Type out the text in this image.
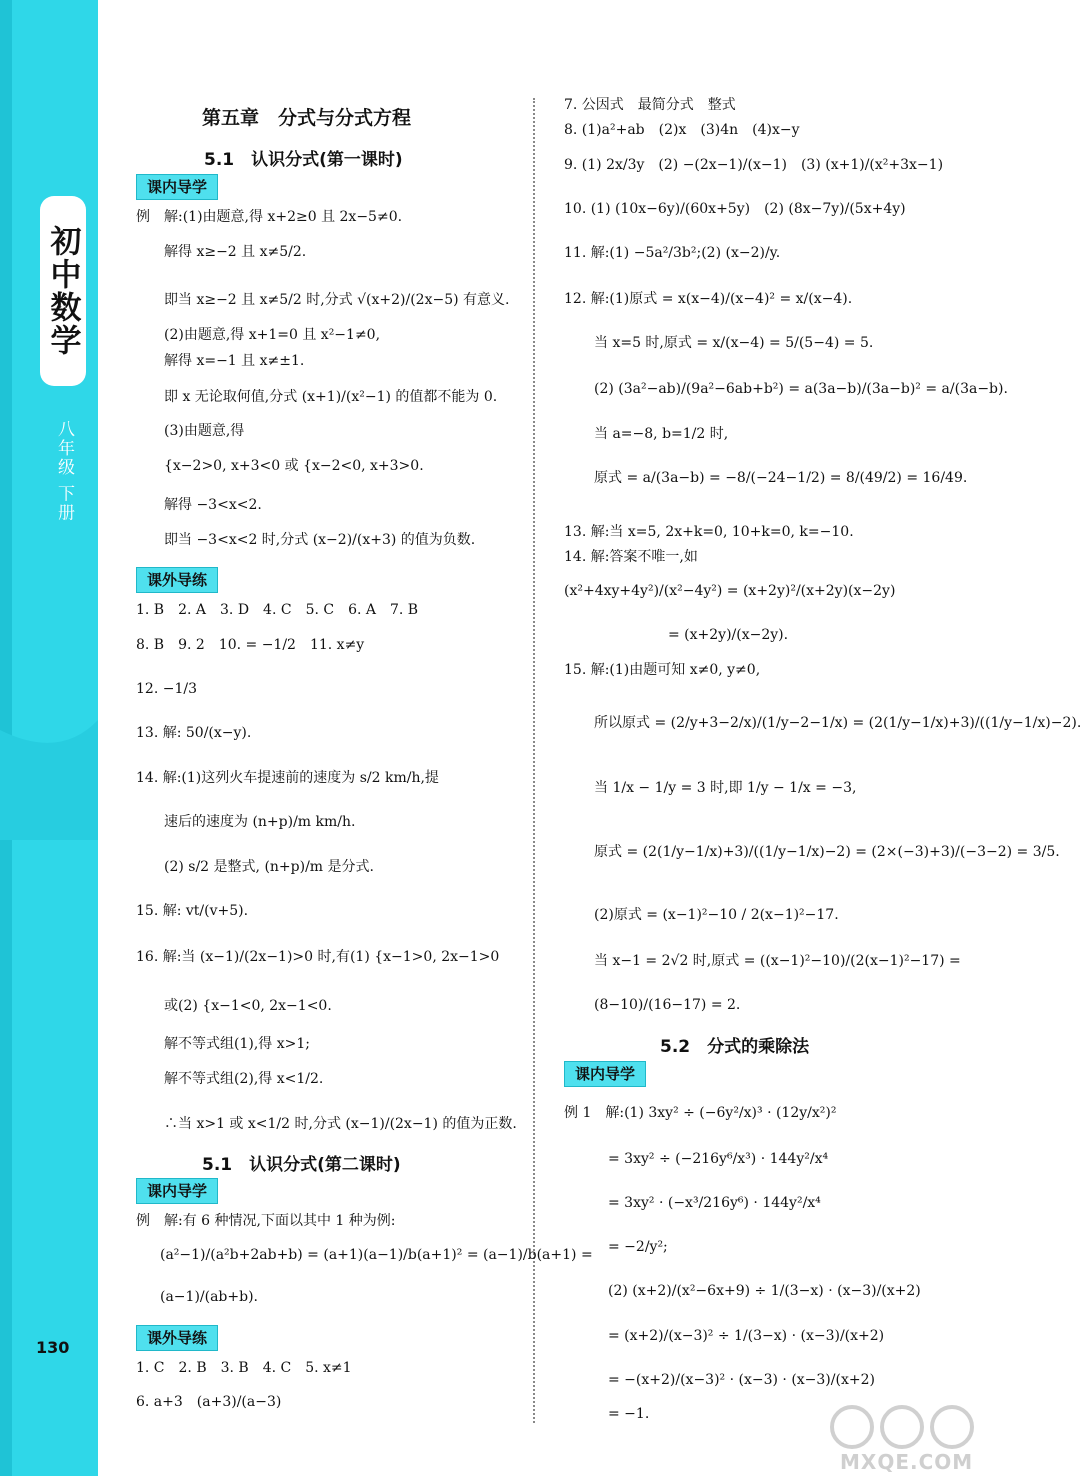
初中数学
八年级 下册
130
第五章　分式与分式方程
5.1　认识分式(第一课时)
课内导学
例　解:(1)由题意,得 x+2≥0 且 2x−5≠0.
解得 x≥−2 且 x≠5/2.
即当 x≥−2 且 x≠5/2 时,分式 √(x+2)/(2x−5) 有意义.
(2)由题意,得 x+1=0 且 x²−1≠0,
解得 x=−1 且 x≠±1.
即 x 无论取何值,分式 (x+1)/(x²−1) 的值都不能为 0.
(3)由题意,得
{x−2>0, x+3<0 或 {x−2<0, x+3>0.
解得 −3<x<2.
即当 −3<x<2 时,分式 (x−2)/(x+3) 的值为负数.
课外导练
1. B　2. A　3. D　4. C　5. C　6. A　7. B
8. B　9. 2　10. = −1/2　11. x≠y
12. −1/3
13. 解: 50/(x−y).
14. 解:(1)这列火车提速前的速度为 s/2 km/h,提
速后的速度为 (n+p)/m km/h.
(2) s/2 是整式, (n+p)/m 是分式.
15. 解: vt/(v+5).
16. 解:当 (x−1)/(2x−1)>0 时,有(1) {x−1>0, 2x−1>0
或(2) {x−1<0, 2x−1<0.
解不等式组(1),得 x>1;
解不等式组(2),得 x<1/2.
∴当 x>1 或 x<1/2 时,分式 (x−1)/(2x−1) 的值为正数.
5.1　认识分式(第二课时)
课内导学
例　解:有 6 种情况,下面以其中 1 种为例:
(a²−1)/(a²b+2ab+b) = (a+1)(a−1)/b(a+1)² = (a−1)/b(a+1) =
(a−1)/(ab+b).
课外导练
1. C　2. B　3. B　4. C　5. x≠1
6. a+3　(a+3)/(a−3)
7. 公因式　最简分式　整式
8. (1)a²+ab　(2)x　(3)4n　(4)x−y
9. (1) 2x/3y　(2) −(2x−1)/(x−1)　(3) (x+1)/(x²+3x−1)
10. (1) (10x−6y)/(60x+5y)　(2) (8x−7y)/(5x+4y)
11. 解:(1) −5a²/3b²;(2) (x−2)/y.
12. 解:(1)原式 = x(x−4)/(x−4)² = x/(x−4).
当 x=5 时,原式 = x/(x−4) = 5/(5−4) = 5.
(2) (3a²−ab)/(9a²−6ab+b²) = a(3a−b)/(3a−b)² = a/(3a−b).
当 a=−8, b=1/2 时,
原式 = a/(3a−b) = −8/(−24−1/2) = 8/(49/2) = 16/49.
13. 解:当 x=5, 2x+k=0, 10+k=0, k=−10.
14. 解:答案不唯一,如
(x²+4xy+4y²)/(x²−4y²) = (x+2y)²/(x+2y)(x−2y)
= (x+2y)/(x−2y).
15. 解:(1)由题可知 x≠0, y≠0,
所以原式 = (2/y+3−2/x)/(1/y−2−1/x) = (2(1/y−1/x)+3)/((1/y−1/x)−2).
当 1/x − 1/y = 3 时,即 1/y − 1/x = −3,
原式 = (2(1/y−1/x)+3)/((1/y−1/x)−2) = (2×(−3)+3)/(−3−2) = 3/5.
(2)原式 = (x−1)²−10 / 2(x−1)²−17.
当 x−1 = 2√2 时,原式 = ((x−1)²−10)/(2(x−1)²−17) =
(8−10)/(16−17) = 2.
5.2　分式的乘除法
课内导学
例 1　解:(1) 3xy² ÷ (−6y²/x)³ · (12y/x²)²
= 3xy² ÷ (−216y⁶/x³) · 144y²/x⁴
= 3xy² · (−x³/216y⁶) · 144y²/x⁴
= −2/y²;
(2) (x+2)/(x²−6x+9) ÷ 1/(3−x) · (x−3)/(x+2)
= (x+2)/(x−3)² ÷ 1/(3−x) · (x−3)/(x+2)
= −(x+2)/(x−3)² · (x−3) · (x−3)/(x+2)
= −1.
MXQE.COM
